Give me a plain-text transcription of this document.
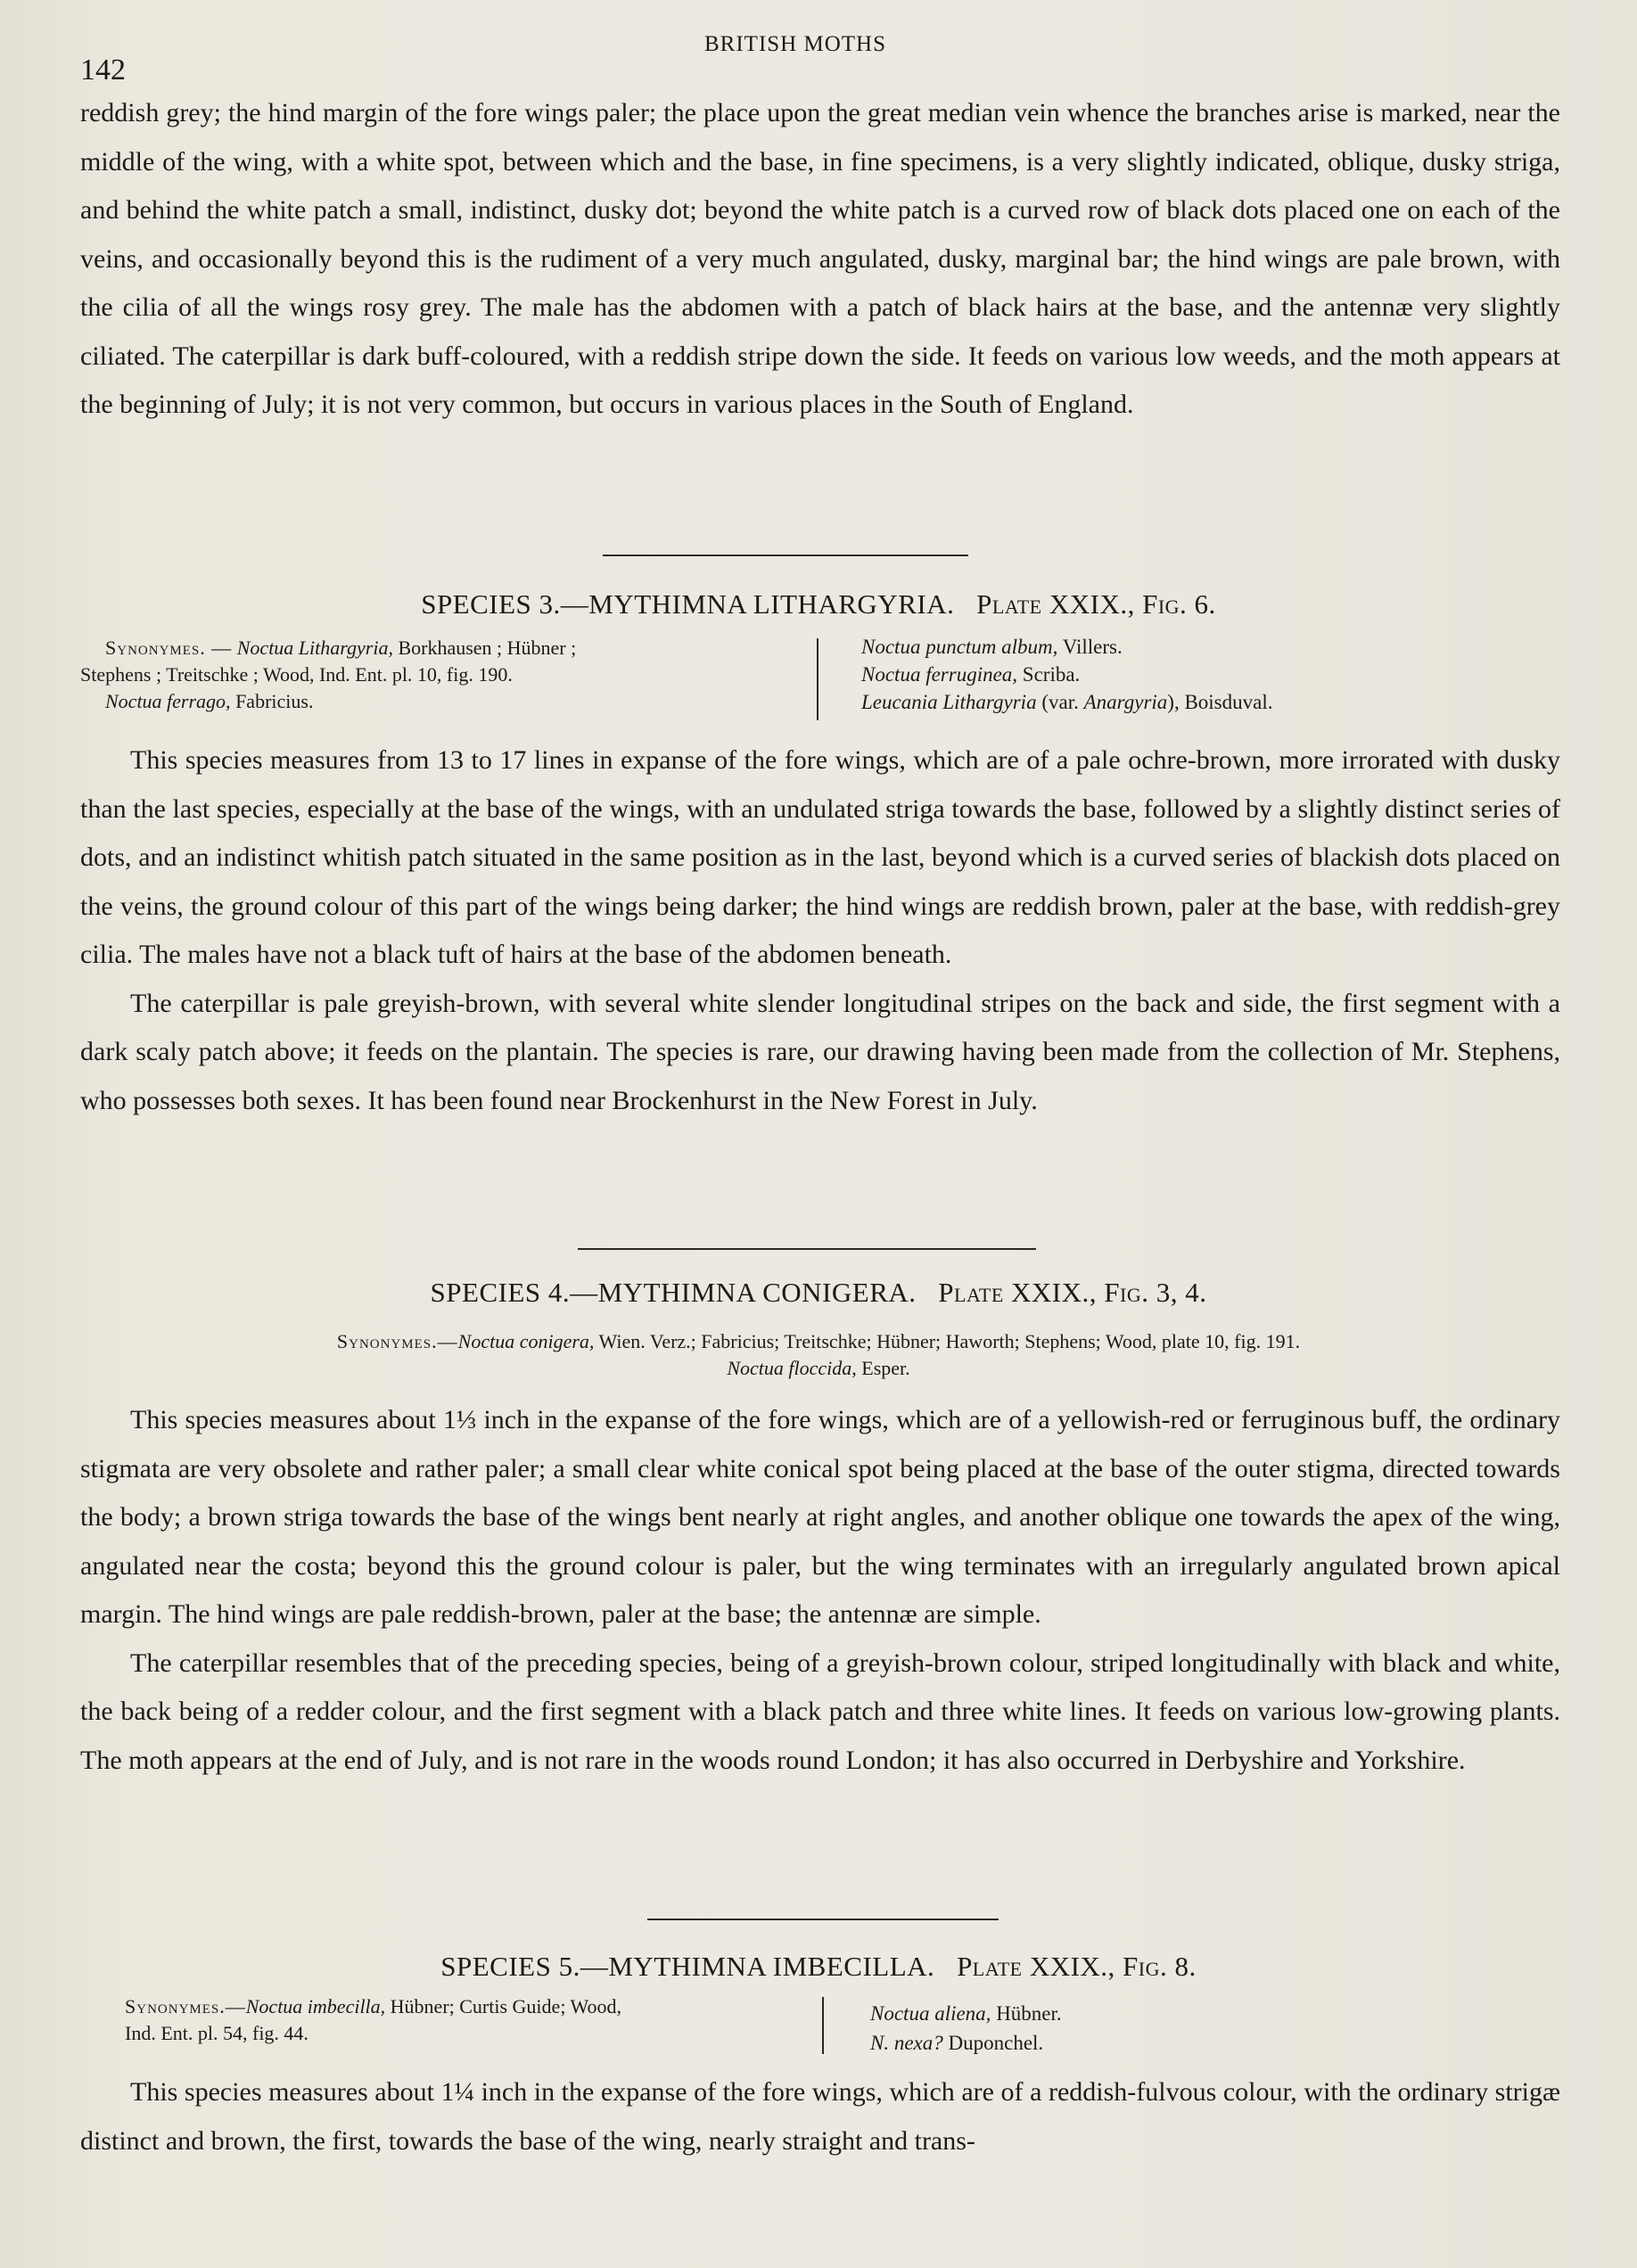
142
BRITISH MOTHS

reddish grey; the hind margin of the fore wings paler; the place upon the great median vein whence the branches arise is marked, near the middle of the wing, with a white spot, between which and the base, in fine specimens, is a very slightly indicated, oblique, dusky striga, and behind the white patch a small, indistinct, dusky dot; beyond the white patch is a curved row of black dots placed one on each of the veins, and occasionally beyond this is the rudiment of a very much angulated, dusky, marginal bar; the hind wings are pale brown, with the cilia of all the wings rosy grey. The male has the abdomen with a patch of black hairs at the base, and the antennæ very slightly ciliated. The caterpillar is dark buff-coloured, with a reddish stripe down the side. It feeds on various low weeds, and the moth appears at the beginning of July; it is not very common, but occurs in various places in the South of England.

SPECIES 3.—MYTHIMNA LITHARGYRIA. Plate XXIX., Fig. 6.
Synonymes. — Noctua Lithargyria, Borkhausen ; Hübner ;
Stephens ; Treitschke ; Wood, Ind. Ent. pl. 10, fig. 190.
Noctua ferrago, Fabricius.
Noctua punctum album, Villers.
Noctua ferruginea, Scriba.
Leucania Lithargyria (var. Anargyria), Boisduval.

This species measures from 13 to 17 lines in expanse of the fore wings, which are of a pale ochre-brown, more irrorated with dusky than the last species, especially at the base of the wings, with an undulated striga towards the base, followed by a slightly distinct series of dots, and an indistinct whitish patch situated in the same position as in the last, beyond which is a curved series of blackish dots placed on the veins, the ground colour of this part of the wings being darker; the hind wings are reddish brown, paler at the base, with reddish-grey cilia. The males have not a black tuft of hairs at the base of the abdomen beneath.

The caterpillar is pale greyish-brown, with several white slender longitudinal stripes on the back and side, the first segment with a dark scaly patch above; it feeds on the plantain. The species is rare, our drawing having been made from the collection of Mr. Stephens, who possesses both sexes. It has been found near Brockenhurst in the New Forest in July.

SPECIES 4.—MYTHIMNA CONIGERA. Plate XXIX., Fig. 3, 4.
Synonymes.—Noctua conigera, Wien. Verz.; Fabricius; Treitschke; Hübner; Haworth; Stephens; Wood, plate 10, fig. 191.
Noctua floccida, Esper.

This species measures about 1⅓ inch in the expanse of the fore wings, which are of a yellowish-red or ferruginous buff, the ordinary stigmata are very obsolete and rather paler; a small clear white conical spot being placed at the base of the outer stigma, directed towards the body; a brown striga towards the base of the wings bent nearly at right angles, and another oblique one towards the apex of the wing, angulated near the costa; beyond this the ground colour is paler, but the wing terminates with an irregularly angulated brown apical margin. The hind wings are pale reddish-brown, paler at the base; the antennæ are simple.

The caterpillar resembles that of the preceding species, being of a greyish-brown colour, striped longitudinally with black and white, the back being of a redder colour, and the first segment with a black patch and three white lines. It feeds on various low-growing plants. The moth appears at the end of July, and is not rare in the woods round London; it has also occurred in Derbyshire and Yorkshire.

SPECIES 5.—MYTHIMNA IMBECILLA. Plate XXIX., Fig. 8.
Synonymes.—Noctua imbecilla, Hübner; Curtis Guide; Wood,
Ind. Ent. pl. 54, fig. 44.
Noctua aliena, Hübner.
N. nexa? Duponchel.

This species measures about 1¼ inch in the expanse of the fore wings, which are of a reddish-fulvous colour, with the ordinary strigæ distinct and brown, the first, towards the base of the wing, nearly straight and trans-
